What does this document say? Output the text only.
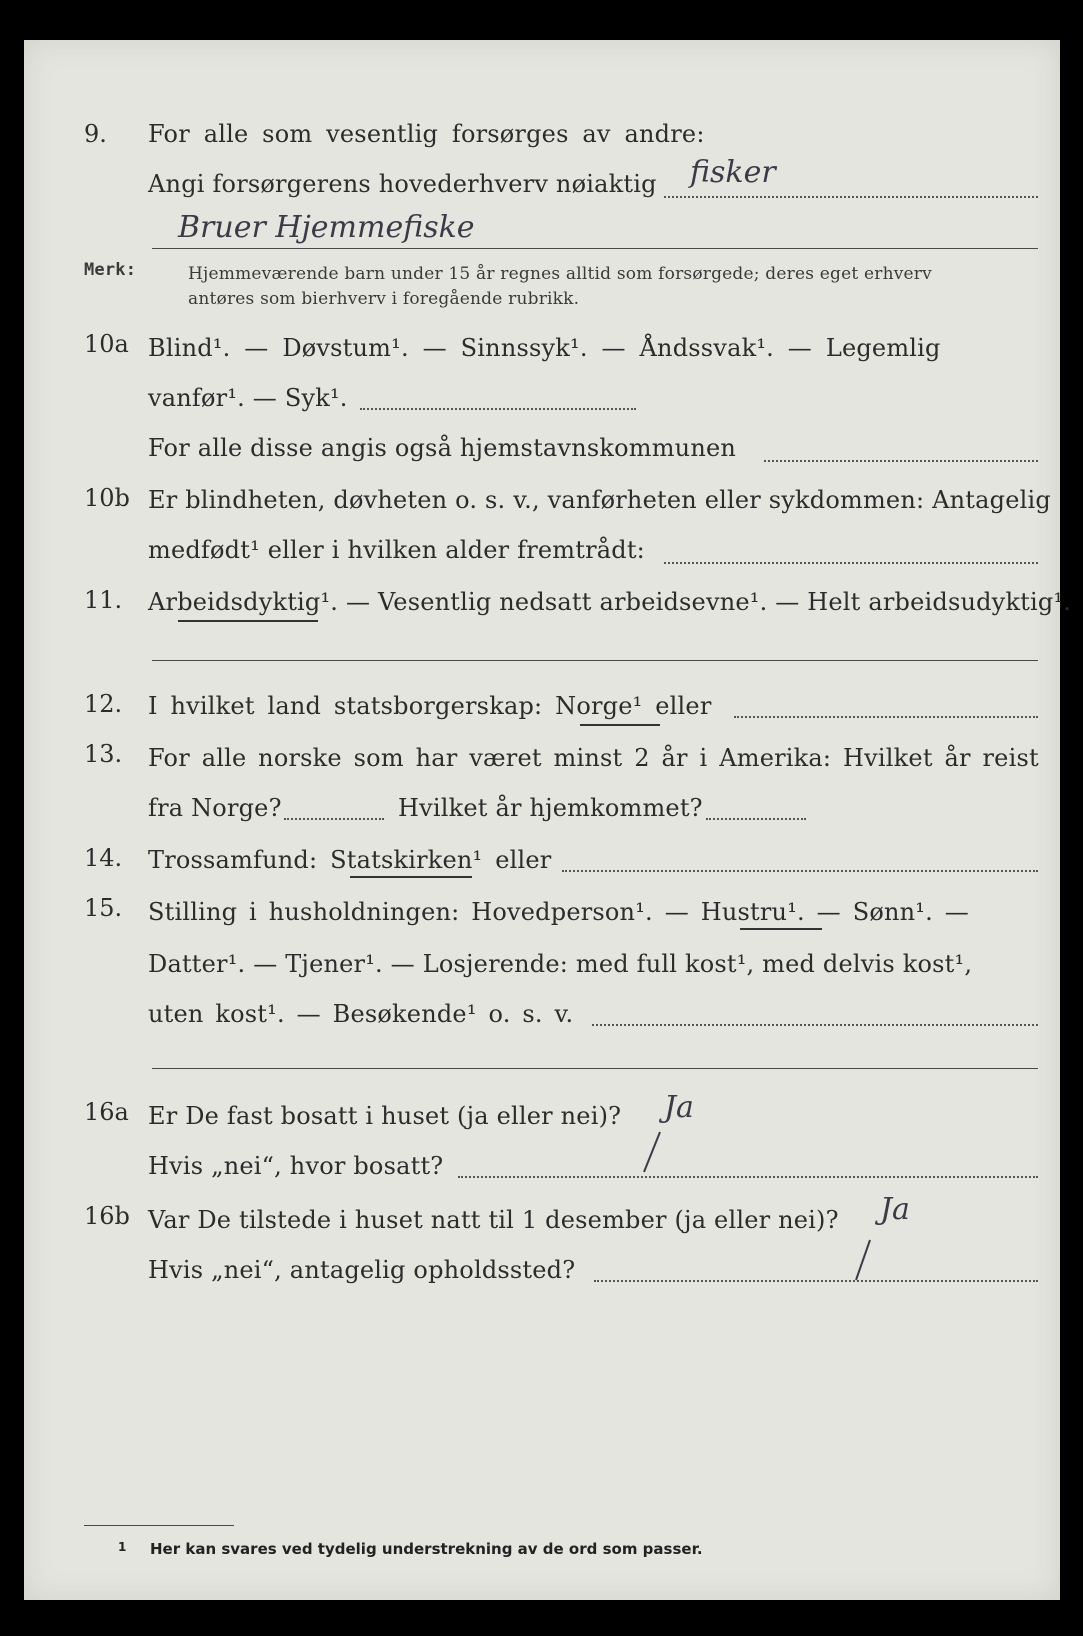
9. For alle som vesentlig forsørges av andre:
Angi forsørgerens hovederhverv nøiaktig fisker
Bruer Hjemmefiske
Merk:	Hjemmeværende barn under 15 år regnes alltid som forsørgede; deres eget erhverv
antøres som bierhverv i foregående rubrikk.
10a Blind¹. — Døvstum¹. — Sinnssyk¹. — Åndssvak¹. — Legemlig
vanfør¹. — Syk¹.
For alle disse angis også hjemstavnskommunen
10b Er blindheten, døvheten o. s. v., vanførheten eller sykdommen: Antagelig
medfødt¹ eller i hvilken alder fremtrådt:
11. Arbeidsdyktig¹. — Vesentlig nedsatt arbeidsevne¹. — Helt arbeidsudyktig¹.
12. I hvilket land statsborgerskap: Norge¹ eller
13. For alle norske som har været minst 2 år i Amerika: Hvilket år reist
fra Norge?	Hvilket år hjemkommet?
14. Trossamfund: Statskirken¹ eller
15. Stilling i husholdningen: Hovedperson¹. — Hustru¹. — Sønn¹. —
Datter¹. — Tjener¹. — Losjerende: med full kost¹, med delvis kost¹,
uten kost¹. — Besøkende¹ o. s. v.
16a Er De fast bosatt i huset (ja eller nei)? Ja
Hvis „nei“, hvor bosatt?
16b Var De tilstede i huset natt til 1 desember (ja eller nei)? Ja
Hvis „nei“, antagelig opholdssted?
1 Her kan svares ved tydelig understrekning av de ord som passer.
